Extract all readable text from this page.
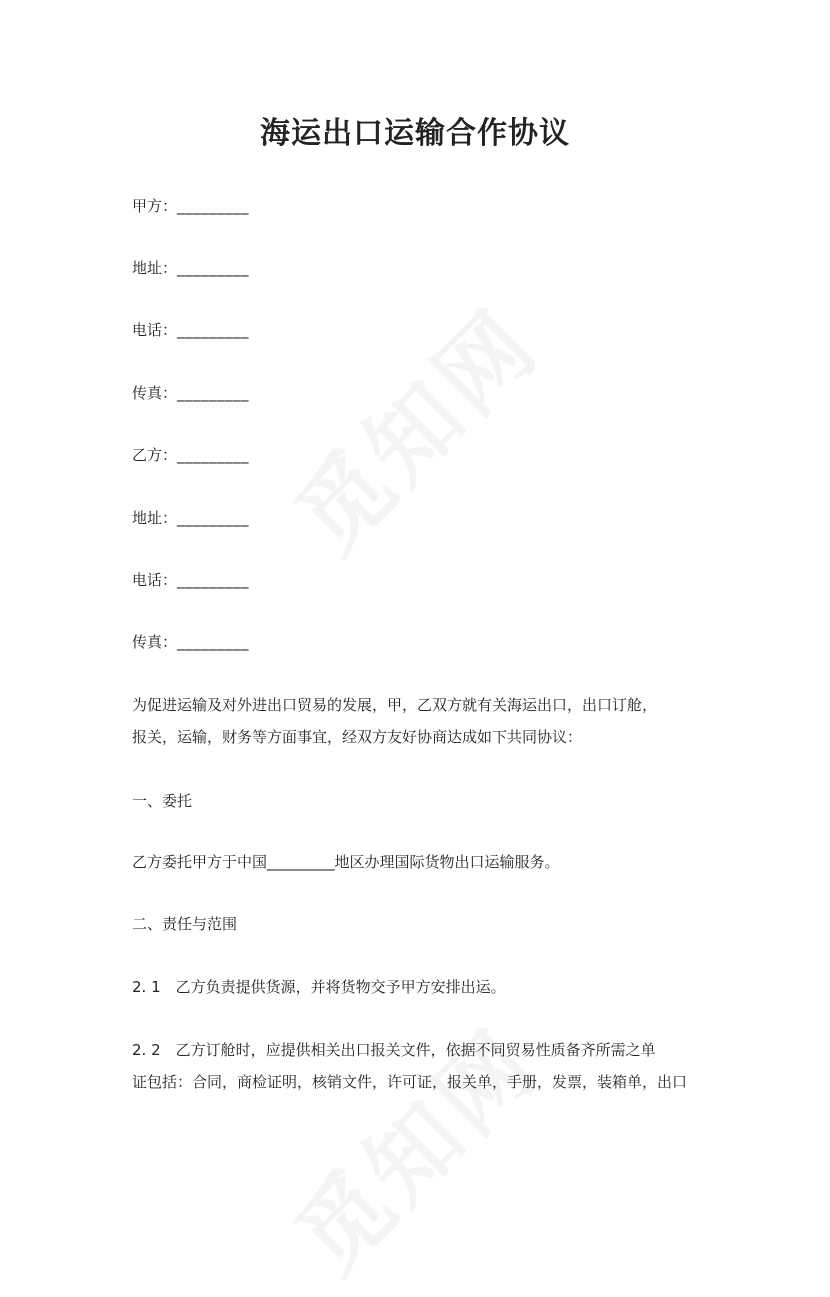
海运出口运输合作协议
甲方：_________
地址：_________
电话：_________
传真：_________
乙方：_________
地址：_________
电话：_________
传真：_________
为促进运输及对外进出口贸易的发展，甲，乙双方就有关海运出口，出口订舱，
报关，运输，财务等方面事宜，经双方友好协商达成如下共同协议：
一、委托
乙方委托甲方于中国_________地区办理国际货物出口运输服务。
二、责任与范围
2. 1　乙方负责提供货源，并将货物交予甲方安排出运。
2. 2　乙方订舱时，应提供相关出口报关文件，依据不同贸易性质备齐所需之单
证包括：合同，商检证明，核销文件，许可证，报关单，手册，发票，装箱单，出口
